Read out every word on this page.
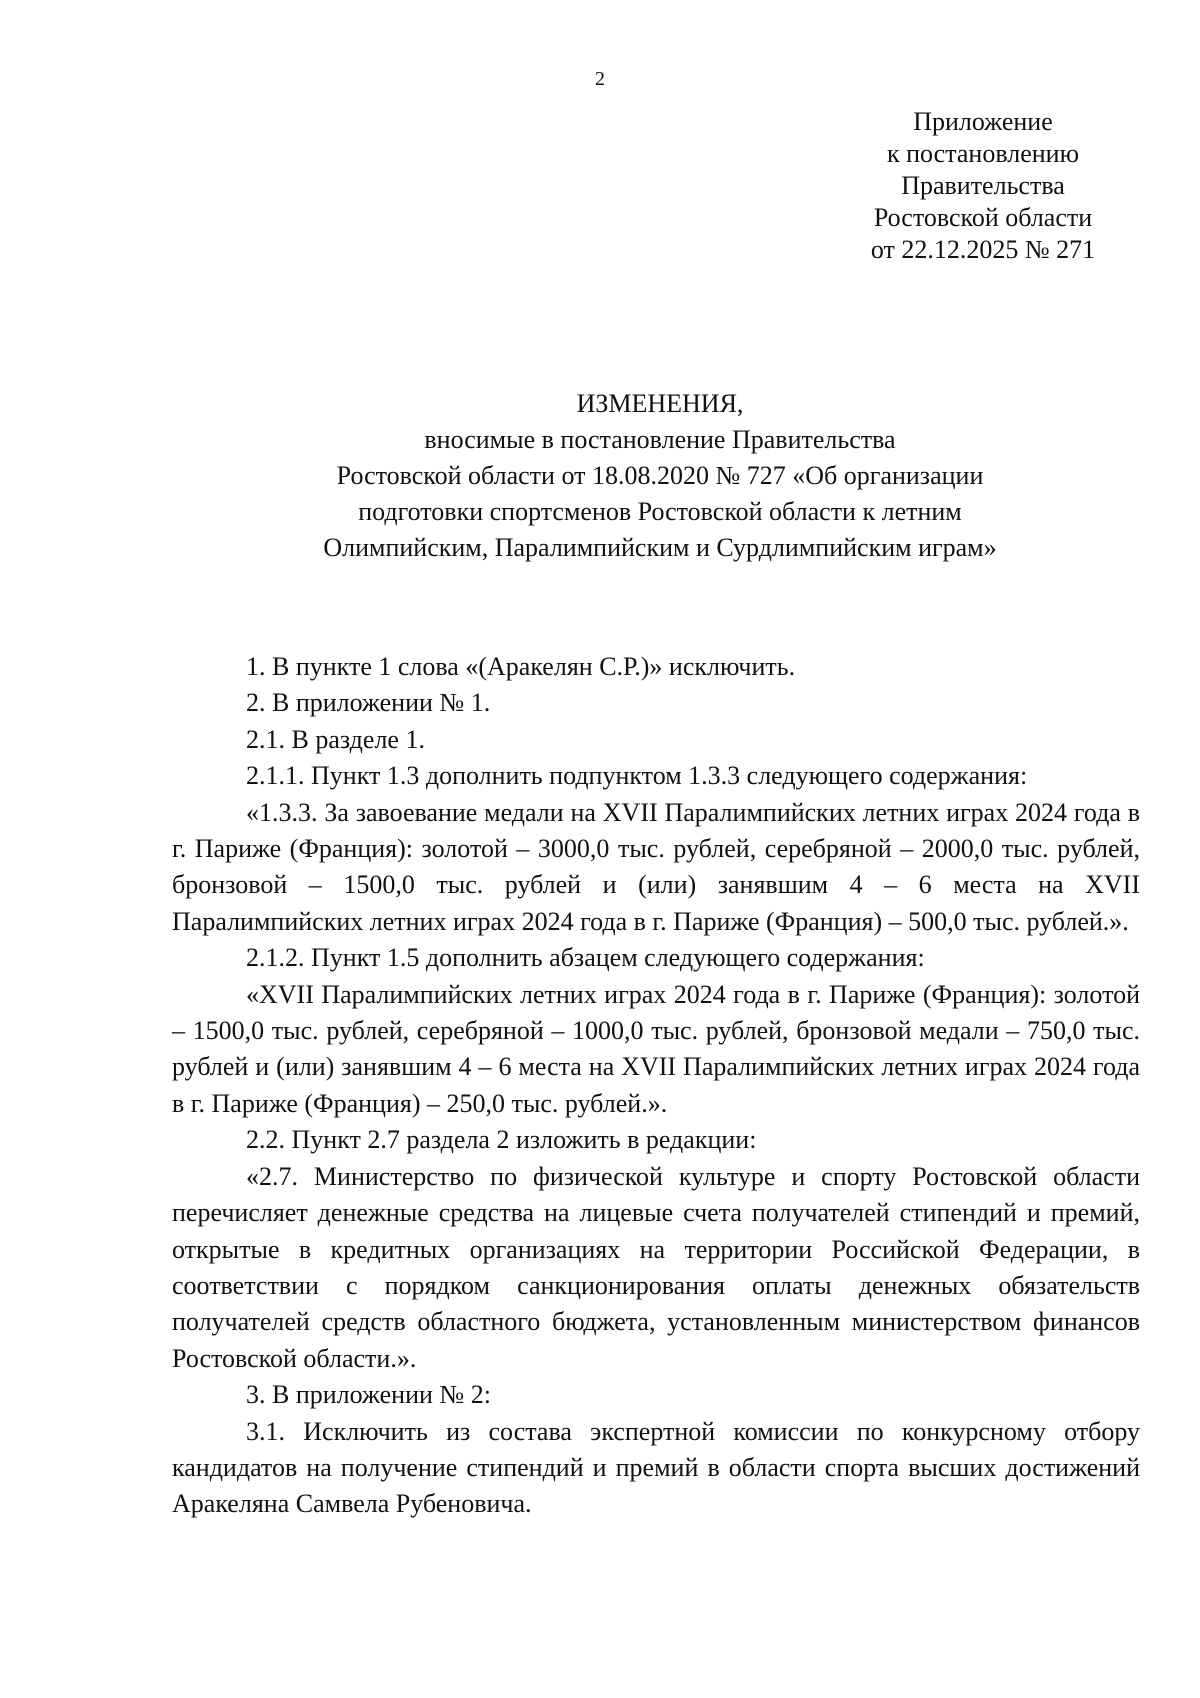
2
Приложение
к постановлению
Правительства
Ростовской области
от 22.12.2025 № 271
ИЗМЕНЕНИЯ,
вносимые в постановление Правительства
Ростовской области от 18.08.2020 № 727 «Об организации
подготовки спортсменов Ростовской области к летним
Олимпийским, Паралимпийским и Сурдлимпийским играм»

1. В пункте 1 слова «(Аракелян С.Р.)» исключить.

2. В приложении № 1.

2.1. В разделе 1.

2.1.1. Пункт 1.3 дополнить подпунктом 1.3.3 следующего содержания:

«1.3.3. За завоевание медали на XVII Паралимпийских летних играх 2024 года в г. Париже (Франция): золотой – 3000,0 тыс. рублей, серебряной – 2000,0 тыс. рублей, бронзовой – 1500,0 тыс. рублей и (или) занявшим 4 – 6 места на XVII Паралимпийских летних играх 2024 года в г. Париже (Франция) – 500,0 тыс. рублей.».

2.1.2. Пункт 1.5 дополнить абзацем следующего содержания:

«XVII Паралимпийских летних играх 2024 года в г. Париже (Франция): золотой – 1500,0 тыс. рублей, серебряной – 1000,0 тыс. рублей, бронзовой медали – 750,0 тыс. рублей и (или) занявшим 4 – 6 места на XVII Паралимпийских летних играх 2024 года в г. Париже (Франция) – 250,0 тыс. рублей.».

2.2. Пункт 2.7 раздела 2 изложить в редакции:

«2.7. Министерство по физической культуре и спорту Ростовской области перечисляет денежные средства на лицевые счета получателей стипендий и премий, открытые в кредитных организациях на территории Российской Федерации, в соответствии с порядком санкционирования оплаты денежных обязательств получателей средств областного бюджета, установленным министерством финансов Ростовской области.».

3. В приложении № 2:

3.1. Исключить из состава экспертной комиссии по конкурсному отбору кандидатов на получение стипендий и премий в области спорта высших достижений Аракеляна Самвела Рубеновича.
